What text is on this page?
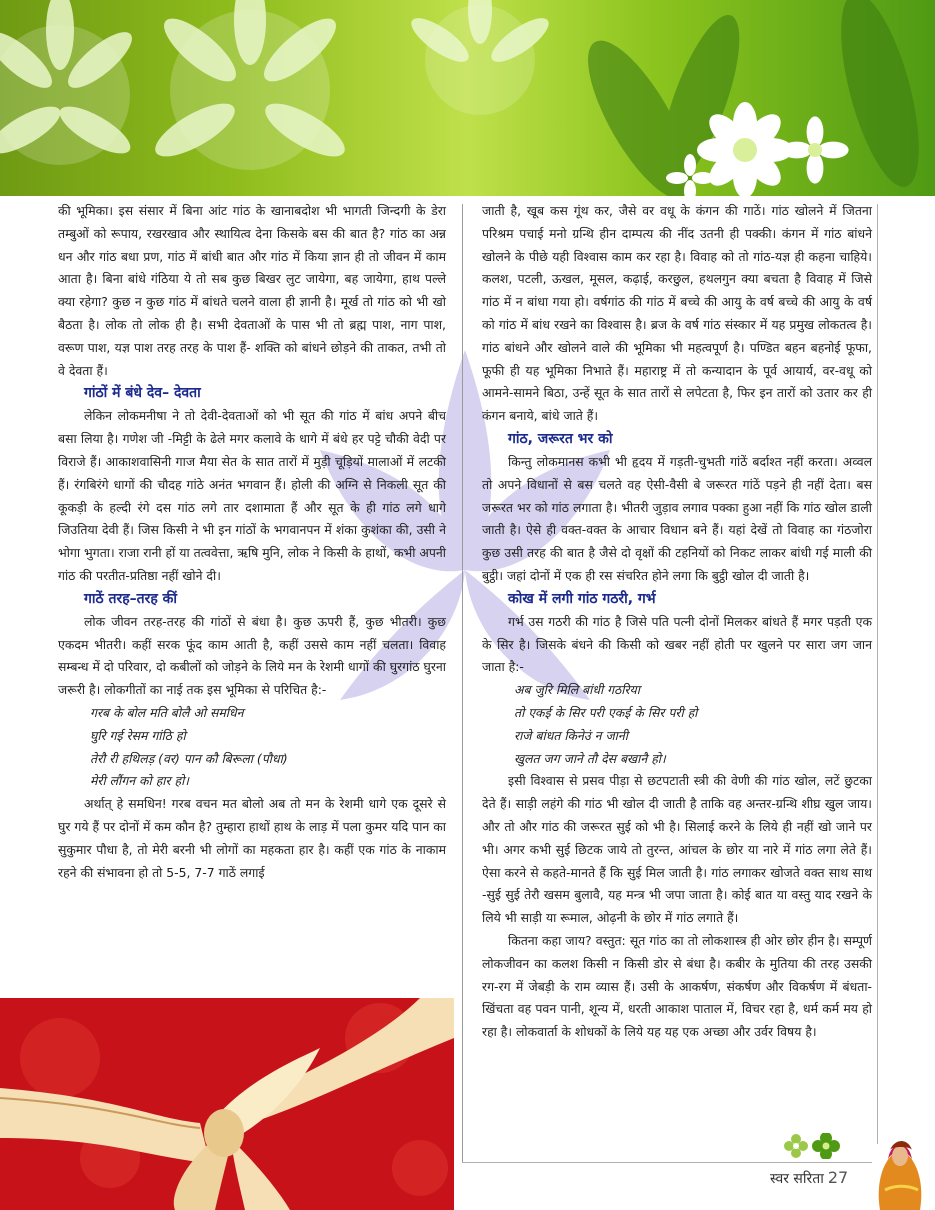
की भूमिका। इस संसार में बिना आंट गांठ के खानाबदोश भी भागती जिन्दगी के डेरा तम्बुओं को रूपाय, रखरखाव और स्थायित्व देना किसके बस की बात है? गांठ का अन्न धन और गांठ बधा प्रण, गांठ में बांधी बात और गांठ में किया ज्ञान ही तो जीवन में काम आता है। बिना बांधे गंठिया ये तो सब कुछ बिखर लुट जायेगा, बह जायेगा, हाथ पल्ले क्या रहेगा? कुछ न कुछ गांठ में बांधते चलने वाला ही ज्ञानी है। मूर्ख तो गांठ को भी खो बैठता है। लोक तो लोक ही है। सभी देवताओं के पास भी तो ब्रह्म पाश, नाग पाश, वरूण पाश, यज्ञ पाश तरह तरह के पाश हैं- शक्ति को बांधने छोड़ने की ताकत, तभी तो वे देवता हैं।

गांठों में बंधे देव– देवता

लेकिन लोकमनीषा ने तो देवी-देवताओं को भी सूत की गांठ में बांध अपने बीच बसा लिया है। गणेश जी -मिट्टी के ढेले मगर कलावे के धागे में बंधे हर पट्टे चौकी वेदी पर विराजे हैं। आकाशवासिनी गाज मैया सेत के सात तारों में मुड़ी चूड़ियों मालाओं में लटकी हैं। रंगबिरंगे धागों की चौदह गांठे अनंत भगवान हैं। होली की अग्नि से निकली सूत की कूकड़ी के हल्दी रंगे दस गांठ लगे तार दशामाता हैं और सूत के ही गांठ लगे धागे जिउतिया देवी हैं। जिस किसी ने भी इन गांठों के भगवानपन में शंका कुशंका की, उसी ने भोगा भुगता। राजा रानी हों या तत्ववेत्ता, ऋषि मुनि, लोक ने किसी के हाथों, कभी अपनी गांठ की परतीत-प्रतिष्ठा नहीं खोने दी।

गाठें तरह–तरह कीं

लोक जीवन तरह-तरह की गांठों से बंधा है। कुछ ऊपरी हैं, कुछ भीतरी। कुछ एकदम भीतरी। कहीं सरक फूंद काम आती है, कहीं उससे काम नहीं चलता। विवाह सम्बन्ध में दो परिवार, दो कबीलों को जोड़ने के लिये मन के रेशमी धागों की घुरगांठ घुरना जरूरी है। लोकगीतों का नाई तक इस भूमिका से परिचित है:-

गरब के बोल मति बोलै ओ समधिन
घुरि गई रेसम गांठि हो
तेरौ री हथिलड़ (वर) पान कौ बिरूला (पौधा)
मेरी लौंगन को हार हो।

अर्थात् हे समधिन! गरब वचन मत बोलो अब तो मन के रेशमी धागे एक दूसरे से घुर गये हैं पर दोनों में कम कौन है? तुम्हारा हाथों हाथ के लाड़ में पला कुमर यदि पान का सुकुमार पौधा है, तो मेरी बरनी भी लोगों का महकता हार है। कहीं एक गांठ के नाकाम रहने की संभावना हो तो 5-5, 7-7 गाठें लगाई

जाती है, खूब कस गूंथ कर, जैसे वर वधू के कंगन की गाठें। गांठ खोलने में जितना परिश्रम पचाई मनो ग्रन्थि हीन दाम्पत्य की नींद उतनी ही पक्की। कंगन में गांठ बांधने खोलने के पीछे यही विश्वास काम कर रहा है। विवाह को तो गांठ-यज्ञ ही कहना चाहिये। कलश, पटली, ऊखल, मूसल, कढ़ाई, करछुल, हथलगुन क्या बचता है विवाह में जिसे गांठ में न बांधा गया हो। वर्षगांठ की गांठ में बच्चे की आयु के वर्ष बच्चे की आयु के वर्ष को गांठ में बांध रखने का विश्वास है। ब्रज के वर्ष गांठ संस्कार में यह प्रमुख लोकतत्व है। गांठ बांधने और खोलने वाले की भूमिका भी महत्वपूर्ण है। पण्डित बहन बहनोई फूफा, फूफी ही यह भूमिका निभाते हैं। महाराष्ट्र में तो कन्यादान के पूर्व आयार्य, वर-वधू को आमने-सामने बिठा, उन्हें सूत के सात तारों से लपेटता है, फिर इन तारों को उतार कर ही कंगन बनाये, बांधे जाते हैं।

गांठ, जरूरत भर को

किन्तु लोकमानस कभी भी हृदय में गड़ती-चुभती गांठें बर्दाश्त नहीं करता। अव्वल तो अपने विधानों से बस चलते वह ऐसी-वैसी बे जरूरत गांठें पड़ने ही नहीं देता। बस जरूरत भर को गांठ लगाता है। भीतरी जुड़ाव लगाव पक्का हुआ नहीं कि गांठ खोल डाली जाती है। ऐसे ही वक्त-वक्त के आचार विधान बने हैं। यहां देखें तो विवाह का गंठजोरा कुछ उसी तरह की बात है जैसे दो वृक्षों की टहनियों को निकट लाकर बांधी गई माली की बुट्ठी। जहां दोनों में एक ही रस संचरित होने लगा कि बुट्ठी खोल दी जाती है।

कोख में लगी गांठ गठरी, गर्भ

गर्भ उस गठरी की गांठ है जिसे पति पत्नी दोनों मिलकर बांधते हैं मगर पड़ती एक के सिर है। जिसके बंधने की किसी को खबर नहीं होती पर खुलने पर सारा जग जान जाता है:-

अब जुरि मिलि बांधी गठरिया
तो एकई के सिर परी एकई के सिर परी हो
राजे बांधत किनेउं न जानी
खुलत जग जाने तौ देस बखानै हो।

इसी विश्वास से प्रसव पीड़ा से छटपटाती स्त्री की वेणी की गांठ खोल, लटें छुटका देते हैं। साड़ी लहंगे की गांठ भी खोल दी जाती है ताकि वह अन्तर-ग्रन्थि शीघ्र खुल जाय। और तो और गांठ की जरूरत सुई को भी है। सिलाई करने के लिये ही नहीं खो जाने पर भी। अगर कभी सुई छिटक जाये तो तुरन्त, आंचल के छोर या नारे में गांठ लगा लेते हैं। ऐसा करने से कहते-मानते हैं कि सुई मिल जाती है। गांठ लगाकर खोजते वक्त साथ साथ -सुई सुई तेरौ खसम बुलावै, यह मन्त्र भी जपा जाता है। कोई बात या वस्तु याद रखने के लिये भी साड़ी या रूमाल, ओढ़नी के छोर में गांठ लगाते हैं।

कितना कहा जाय? वस्तुत: सूत गांठ का तो लोकशास्त्र ही ओर छोर हीन है। सम्पूर्ण लोकजीवन का कलश किसी न किसी डोर से बंधा है। कबीर के मुतिया की तरह उसकी रग-रग में जेबड़ी के राम व्यास हैं। उसी के आकर्षण, संकर्षण और विकर्षण में बंधता-खिंचता वह पवन पानी, शून्य में, धरती आकाश पाताल में, विचर रहा है, धर्म कर्म मय हो रहा है। लोकवार्ता के शोधकों के लिये यह यह एक अच्छा और उर्वर विषय है।

स्वर सरिता 27
